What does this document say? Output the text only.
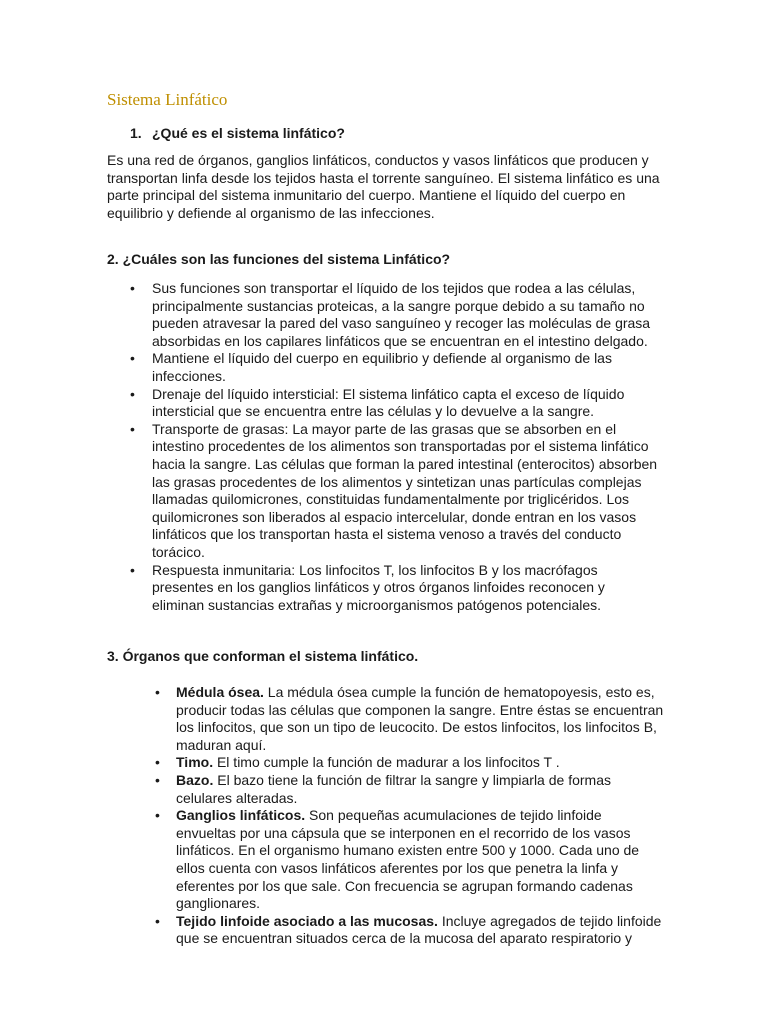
Sistema Linfático

1. ¿Qué es el sistema linfático?

Es una red de órganos, ganglios linfáticos, conductos y vasos linfáticos que producen y transportan linfa desde los tejidos hasta el torrente sanguíneo. El sistema linfático es una parte principal del sistema inmunitario del cuerpo. Mantiene el líquido del cuerpo en equilibrio y defiende al organismo de las infecciones.

2. ¿Cuáles son las funciones del sistema Linfático?

• Sus funciones son transportar el líquido de los tejidos que rodea a las células, principalmente sustancias proteicas, a la sangre porque debido a su tamaño no pueden atravesar la pared del vaso sanguíneo y recoger las moléculas de grasa absorbidas en los capilares linfáticos que se encuentran en el intestino delgado.
• Mantiene el líquido del cuerpo en equilibrio y defiende al organismo de las infecciones.
• Drenaje del líquido intersticial: El sistema linfático capta el exceso de líquido intersticial que se encuentra entre las células y lo devuelve a la sangre.
• Transporte de grasas: La mayor parte de las grasas que se absorben en el intestino procedentes de los alimentos son transportadas por el sistema linfático hacia la sangre. Las células que forman la pared intestinal (enterocitos) absorben las grasas procedentes de los alimentos y sintetizan unas partículas complejas llamadas quilomicrones, constituidas fundamentalmente por triglicéridos. Los quilomicrones son liberados al espacio intercelular, donde entran en los vasos linfáticos que los transportan hasta el sistema venoso a través del conducto torácico.
• Respuesta inmunitaria: Los linfocitos T, los linfocitos B y los macrófagos presentes en los ganglios linfáticos y otros órganos linfoides reconocen y eliminan sustancias extrañas y microorganismos patógenos potenciales.

3. Órganos que conforman el sistema linfático.

• Médula ósea. La médula ósea cumple la función de hematopoyesis, esto es, producir todas las células que componen la sangre. Entre éstas se encuentran los linfocitos, que son un tipo de leucocito. De estos linfocitos, los linfocitos B, maduran aquí.
• Timo. El timo cumple la función de madurar a los linfocitos T .
• Bazo. El bazo tiene la función de filtrar la sangre y limpiarla de formas celulares alteradas.
• Ganglios linfáticos. Son pequeñas acumulaciones de tejido linfoide envueltas por una cápsula que se interponen en el recorrido de los vasos linfáticos. En el organismo humano existen entre 500 y 1000. Cada uno de ellos cuenta con vasos linfáticos aferentes por los que penetra la linfa y eferentes por los que sale. Con frecuencia se agrupan formando cadenas ganglionares.
• Tejido linfoide asociado a las mucosas. Incluye agregados de tejido linfoide que se encuentran situados cerca de la mucosa del aparato respiratorio y
